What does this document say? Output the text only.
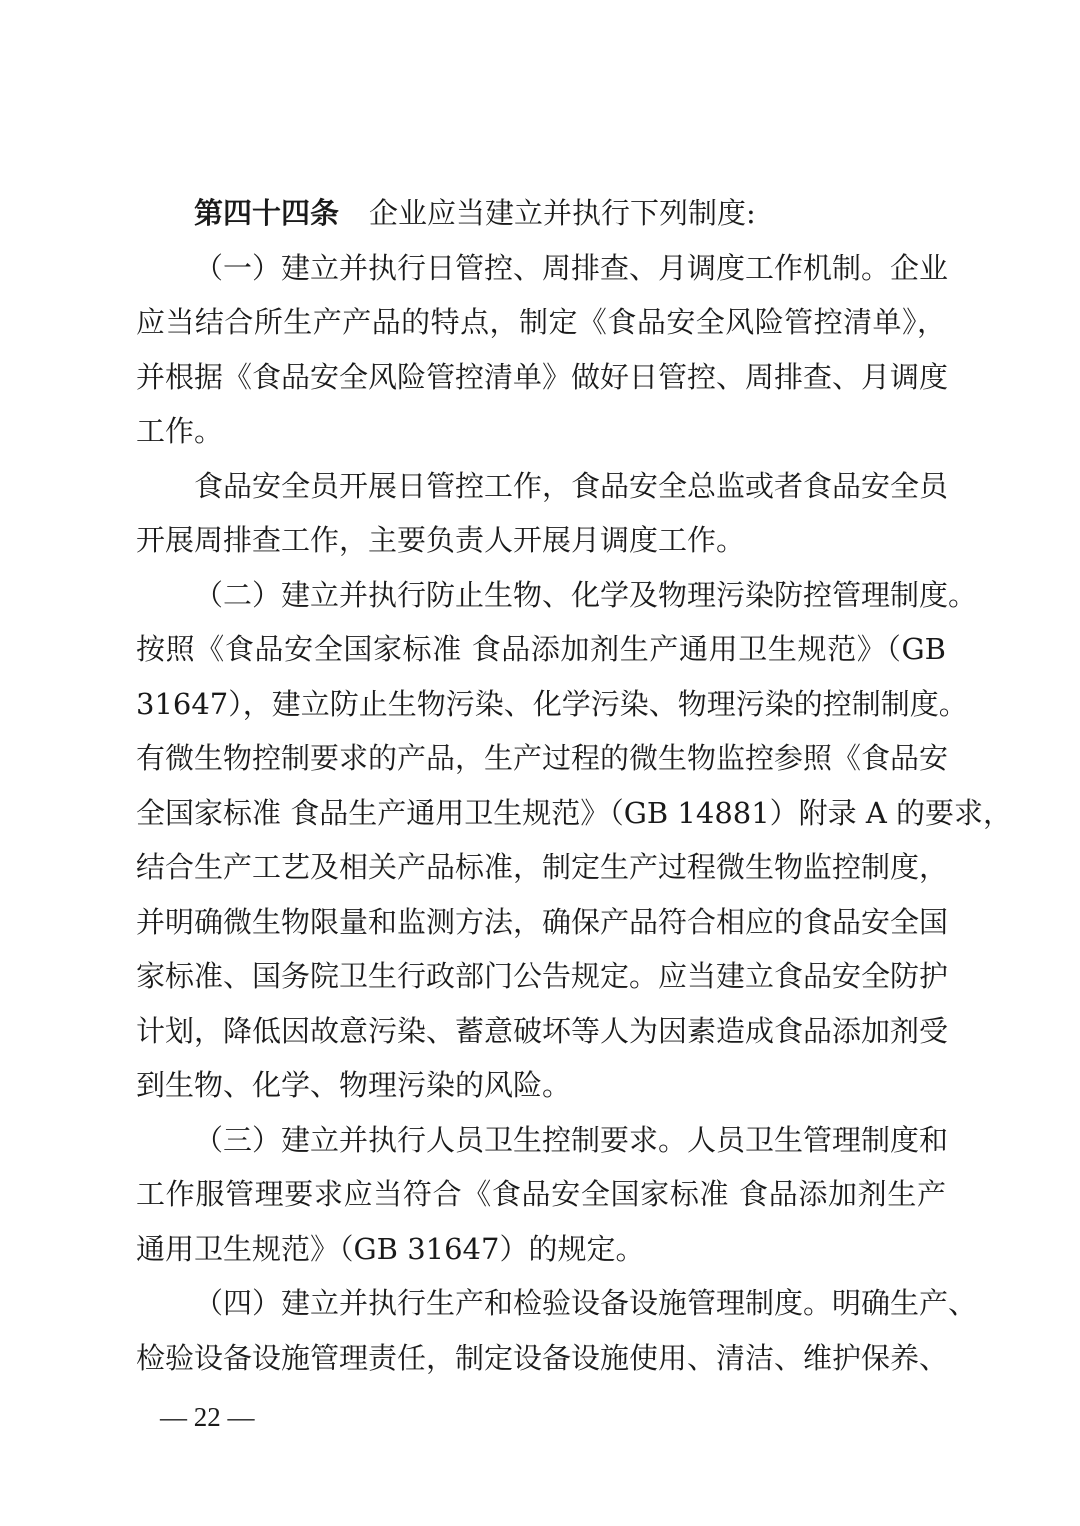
第四十四条 企业应当建立并执行下列制度:
（一）建立并执行日管控、周排查、月调度工作机制。企业
应当结合所生产产品的特点，制定《食品安全风险管控清单》，
并根据《食品安全风险管控清单》做好日管控、周排查、月调度
工作。
食品安全员开展日管控工作，食品安全总监或者食品安全员
开展周排查工作，主要负责人开展月调度工作。
（二）建立并执行防止生物、化学及物理污染防控管理制度。
按照《食品安全国家标准 食品添加剂生产通用卫生规范》（GB
31647），建立防止生物污染、化学污染、物理污染的控制制度。
有微生物控制要求的产品，生产过程的微生物监控参照《食品安
全国家标准 食品生产通用卫生规范》（GB 14881）附录 A 的要求，
结合生产工艺及相关产品标准，制定生产过程微生物监控制度，
并明确微生物限量和监测方法，确保产品符合相应的食品安全国
家标准、国务院卫生行政部门公告规定。应当建立食品安全防护
计划，降低因故意污染、蓄意破坏等人为因素造成食品添加剂受
到生物、化学、物理污染的风险。
（三）建立并执行人员卫生控制要求。人员卫生管理制度和
工作服管理要求应当符合《食品安全国家标准 食品添加剂生产
通用卫生规范》（GB 31647）的规定。
（四）建立并执行生产和检验设备设施管理制度。明确生产、
检验设备设施管理责任，制定设备设施使用、清洁、维护保养、
— 22 —
